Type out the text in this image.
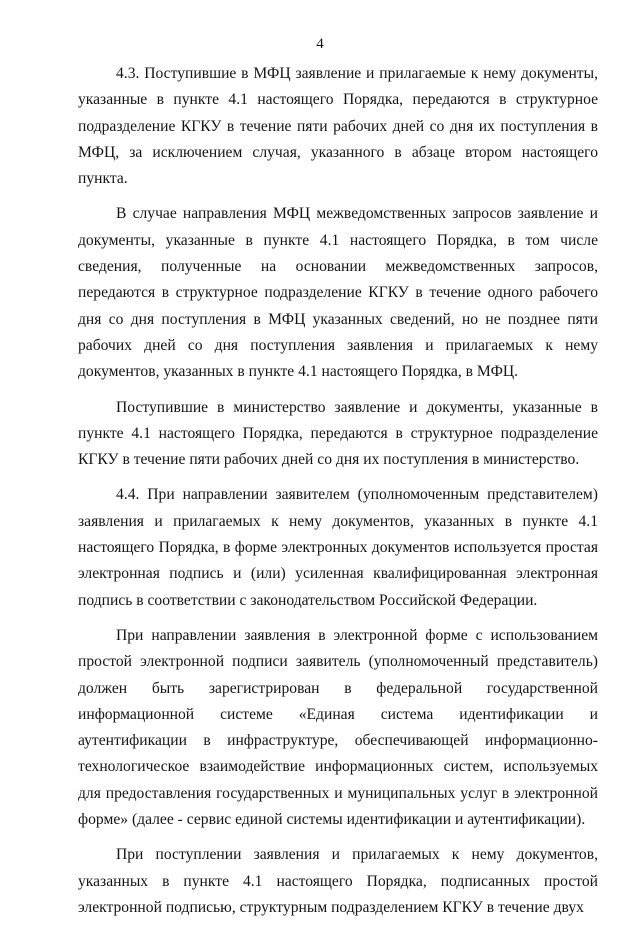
4

4.3. Поступившие в МФЦ заявление и прилагаемые к нему документы, указанные в пункте 4.1 настоящего Порядка, передаются в структурное подразделение КГКУ в течение пяти рабочих дней со дня их поступления в МФЦ, за исключением случая, указанного в абзаце втором настоящего пункта.

В случае направления МФЦ межведомственных запросов заявление и документы, указанные в пункте 4.1 настоящего Порядка, в том числе сведения, полученные на основании межведомственных запросов, передаются в структурное подразделение КГКУ в течение одного рабочего дня со дня поступления в МФЦ указанных сведений, но не позднее пяти рабочих дней со дня поступления заявления и прилагаемых к нему документов, указанных в пункте 4.1 настоящего Порядка, в МФЦ.

Поступившие в министерство заявление и документы, указанные в пункте 4.1 настоящего Порядка, передаются в структурное подразделение КГКУ в течение пяти рабочих дней со дня их поступления в министерство.

4.4. При направлении заявителем (уполномоченным представителем) заявления и прилагаемых к нему документов, указанных в пункте 4.1 настоящего Порядка, в форме электронных документов используется простая электронная подпись и (или) усиленная квалифицированная электронная подпись в соответствии с законодательством Российской Федерации.

При направлении заявления в электронной форме с использованием простой электронной подписи заявитель (уполномоченный представитель) должен быть зарегистрирован в федеральной государственной информационной системе «Единая система идентификации и аутентификации в инфраструктуре, обеспечивающей информационно-технологическое взаимодействие информационных систем, используемых для предоставления государственных и муниципальных услуг в электронной форме» (далее - сервис единой системы идентификации и аутентификации).

При поступлении заявления и прилагаемых к нему документов, указанных в пункте 4.1 настоящего Порядка, подписанных простой электронной подписью, структурным подразделением КГКУ в течение двух
